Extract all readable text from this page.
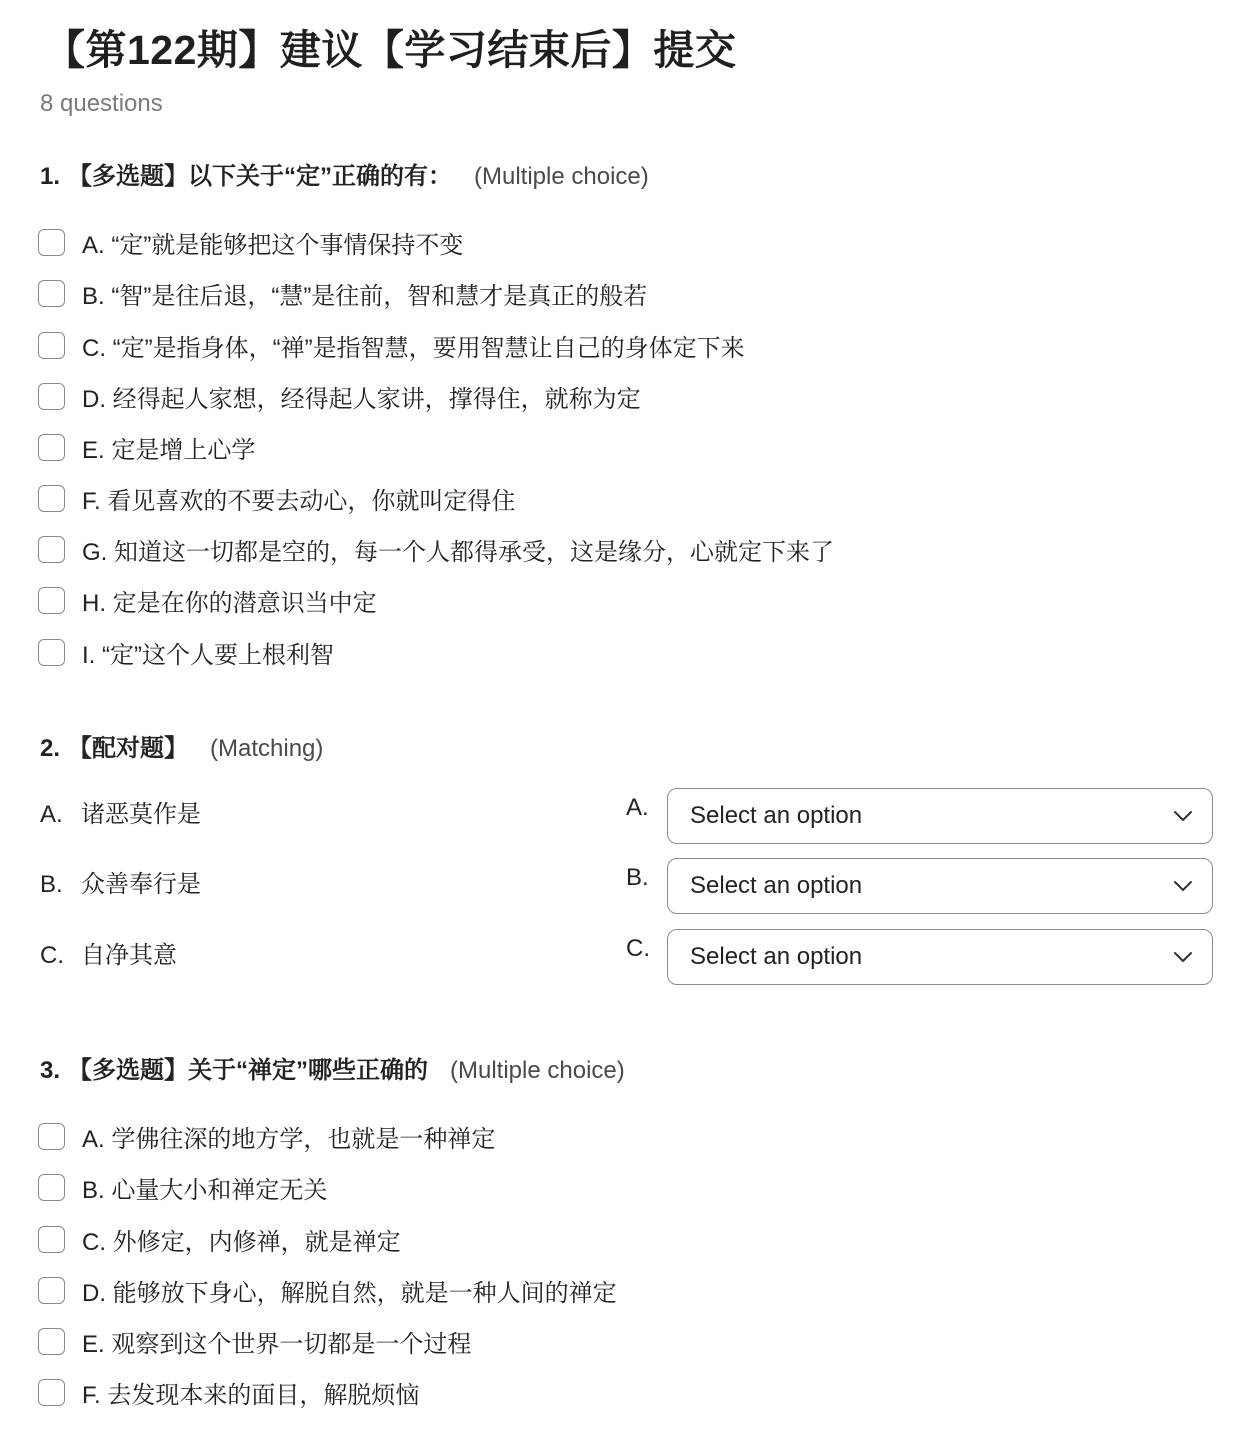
【第122期】建议【学习结束后】提交
8 questions
1. 【多选题】以下关于“定”正确的有： (Multiple choice)
A. “定”就是能够把这个事情保持不变
B. “智”是往后退，“慧”是往前，智和慧才是真正的般若
C. “定”是指身体，“禅”是指智慧，要用智慧让自己的身体定下来
D. 经得起人家想，经得起人家讲，撑得住，就称为定
E. 定是增上心学
F. 看见喜欢的不要去动心，你就叫定得住
G. 知道这一切都是空的，每一个人都得承受，这是缘分，心就定下来了
H. 定是在你的潜意识当中定
I. “定”这个人要上根利智
2. 【配对题】 (Matching)
A. 诸恶莫作是	A. Select an option
B. 众善奉行是	B. Select an option
C. 自净其意	C. Select an option
3. 【多选题】关于“禅定”哪些正确的 (Multiple choice)
A. 学佛往深的地方学，也就是一种禅定
B. 心量大小和禅定无关
C. 外修定，内修禅，就是禅定
D. 能够放下身心，解脱自然，就是一种人间的禅定
E. 观察到这个世界一切都是一个过程
F. 去发现本来的面目，解脱烦恼
